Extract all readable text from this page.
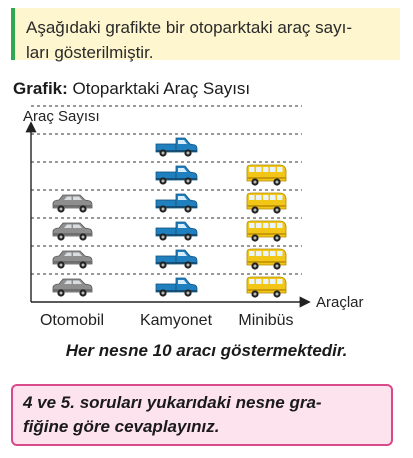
Aşağıdaki grafikte bir otoparktaki araç sayı-
ları gösterilmiştir.
Grafik: Otoparktaki Araç Sayısı
Araç Sayısı
Araçlar
Otomobil Kamyonet Minibüs
Her nesne 10 aracı göstermektedir.
4 ve 5. soruları yukarıdaki nesne gra-
fiğine göre cevaplayınız.
